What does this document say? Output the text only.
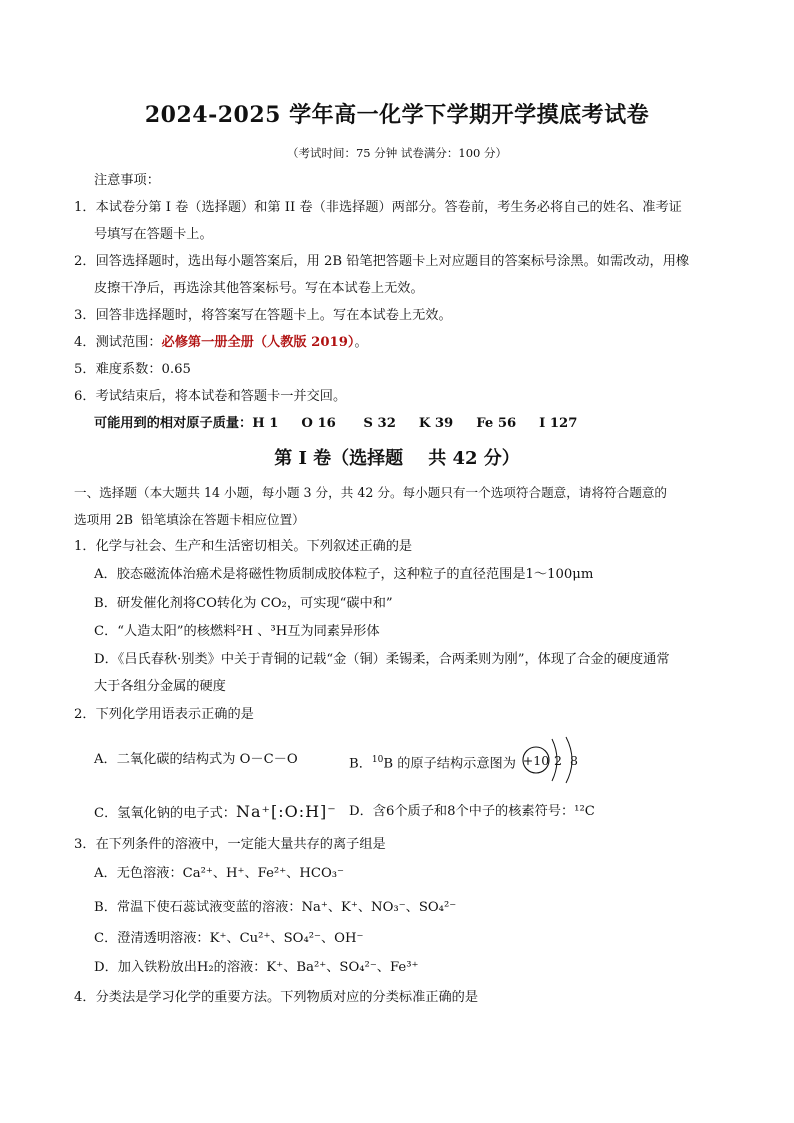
2024-2025 学年高一化学下学期开学摸底考试卷
（考试时间：75 分钟 试卷满分：100 分）
注意事项：
1．本试卷分第 I 卷（选择题）和第 II 卷（非选择题）两部分。答卷前，考生务必将自己的姓名、准考证
号填写在答题卡上。
2．回答选择题时，选出每小题答案后，用 2B 铅笔把答题卡上对应题目的答案标号涂黑。如需改动，用橡
皮擦干净后，再选涂其他答案标号。写在本试卷上无效。
3．回答非选择题时，将答案写在答题卡上。写在本试卷上无效。
4．测试范围：必修第一册全册（人教版 2019）。
5．难度系数：0.65
6．考试结束后，将本试卷和答题卡一并交回。
可能用到的相对原子质量：H 1     O 16      S 32     K 39     Fe 56     I 127
第 I 卷（选择题    共 42 分）
一、选择题（本大题共 14 小题，每小题 3 分，共 42 分。每小题只有一个选项符合题意，请将符合题意的
选项用 2B  铅笔填涂在答题卡相应位置）
1．化学与社会、生产和生活密切相关。下列叙述正确的是
A．胶态磁流体治癌术是将磁性物质制成胶体粒子，这种粒子的直径范围是1～100μm
B．研发催化剂将CO转化为 CO₂，可实现“碳中和”
C．“人造太阳”的核燃料²H 、³H互为同素异形体
D．《吕氏春秋·别类》中关于青铜的记载“金（铜）柔锡柔，合两柔则为刚”，体现了合金的硬度通常
大于各组分金属的硬度
2．下列化学用语表示正确的是
A．二氧化碳的结构式为 O－C－O	B．$^{10}$B 的原子结构示意图为 +10 2 8
C．氢氧化钠的电子式：Na⁺[:O:H]⁻ D．含6个质子和8个中子的核素符号：¹²C
3．在下列条件的溶液中，一定能大量共存的离子组是
A．无色溶液：Ca²⁺、H⁺、Fe²⁺、HCO₃⁻
B．常温下使石蕊试液变蓝的溶液：Na⁺、K⁺、NO₃⁻、SO₄²⁻
C．澄清透明溶液：K⁺、Cu²⁺、SO₄²⁻、OH⁻
D．加入铁粉放出H₂的溶液：K⁺、Ba²⁺、SO₄²⁻、Fe³⁺
4．分类法是学习化学的重要方法。下列物质对应的分类标准正确的是
